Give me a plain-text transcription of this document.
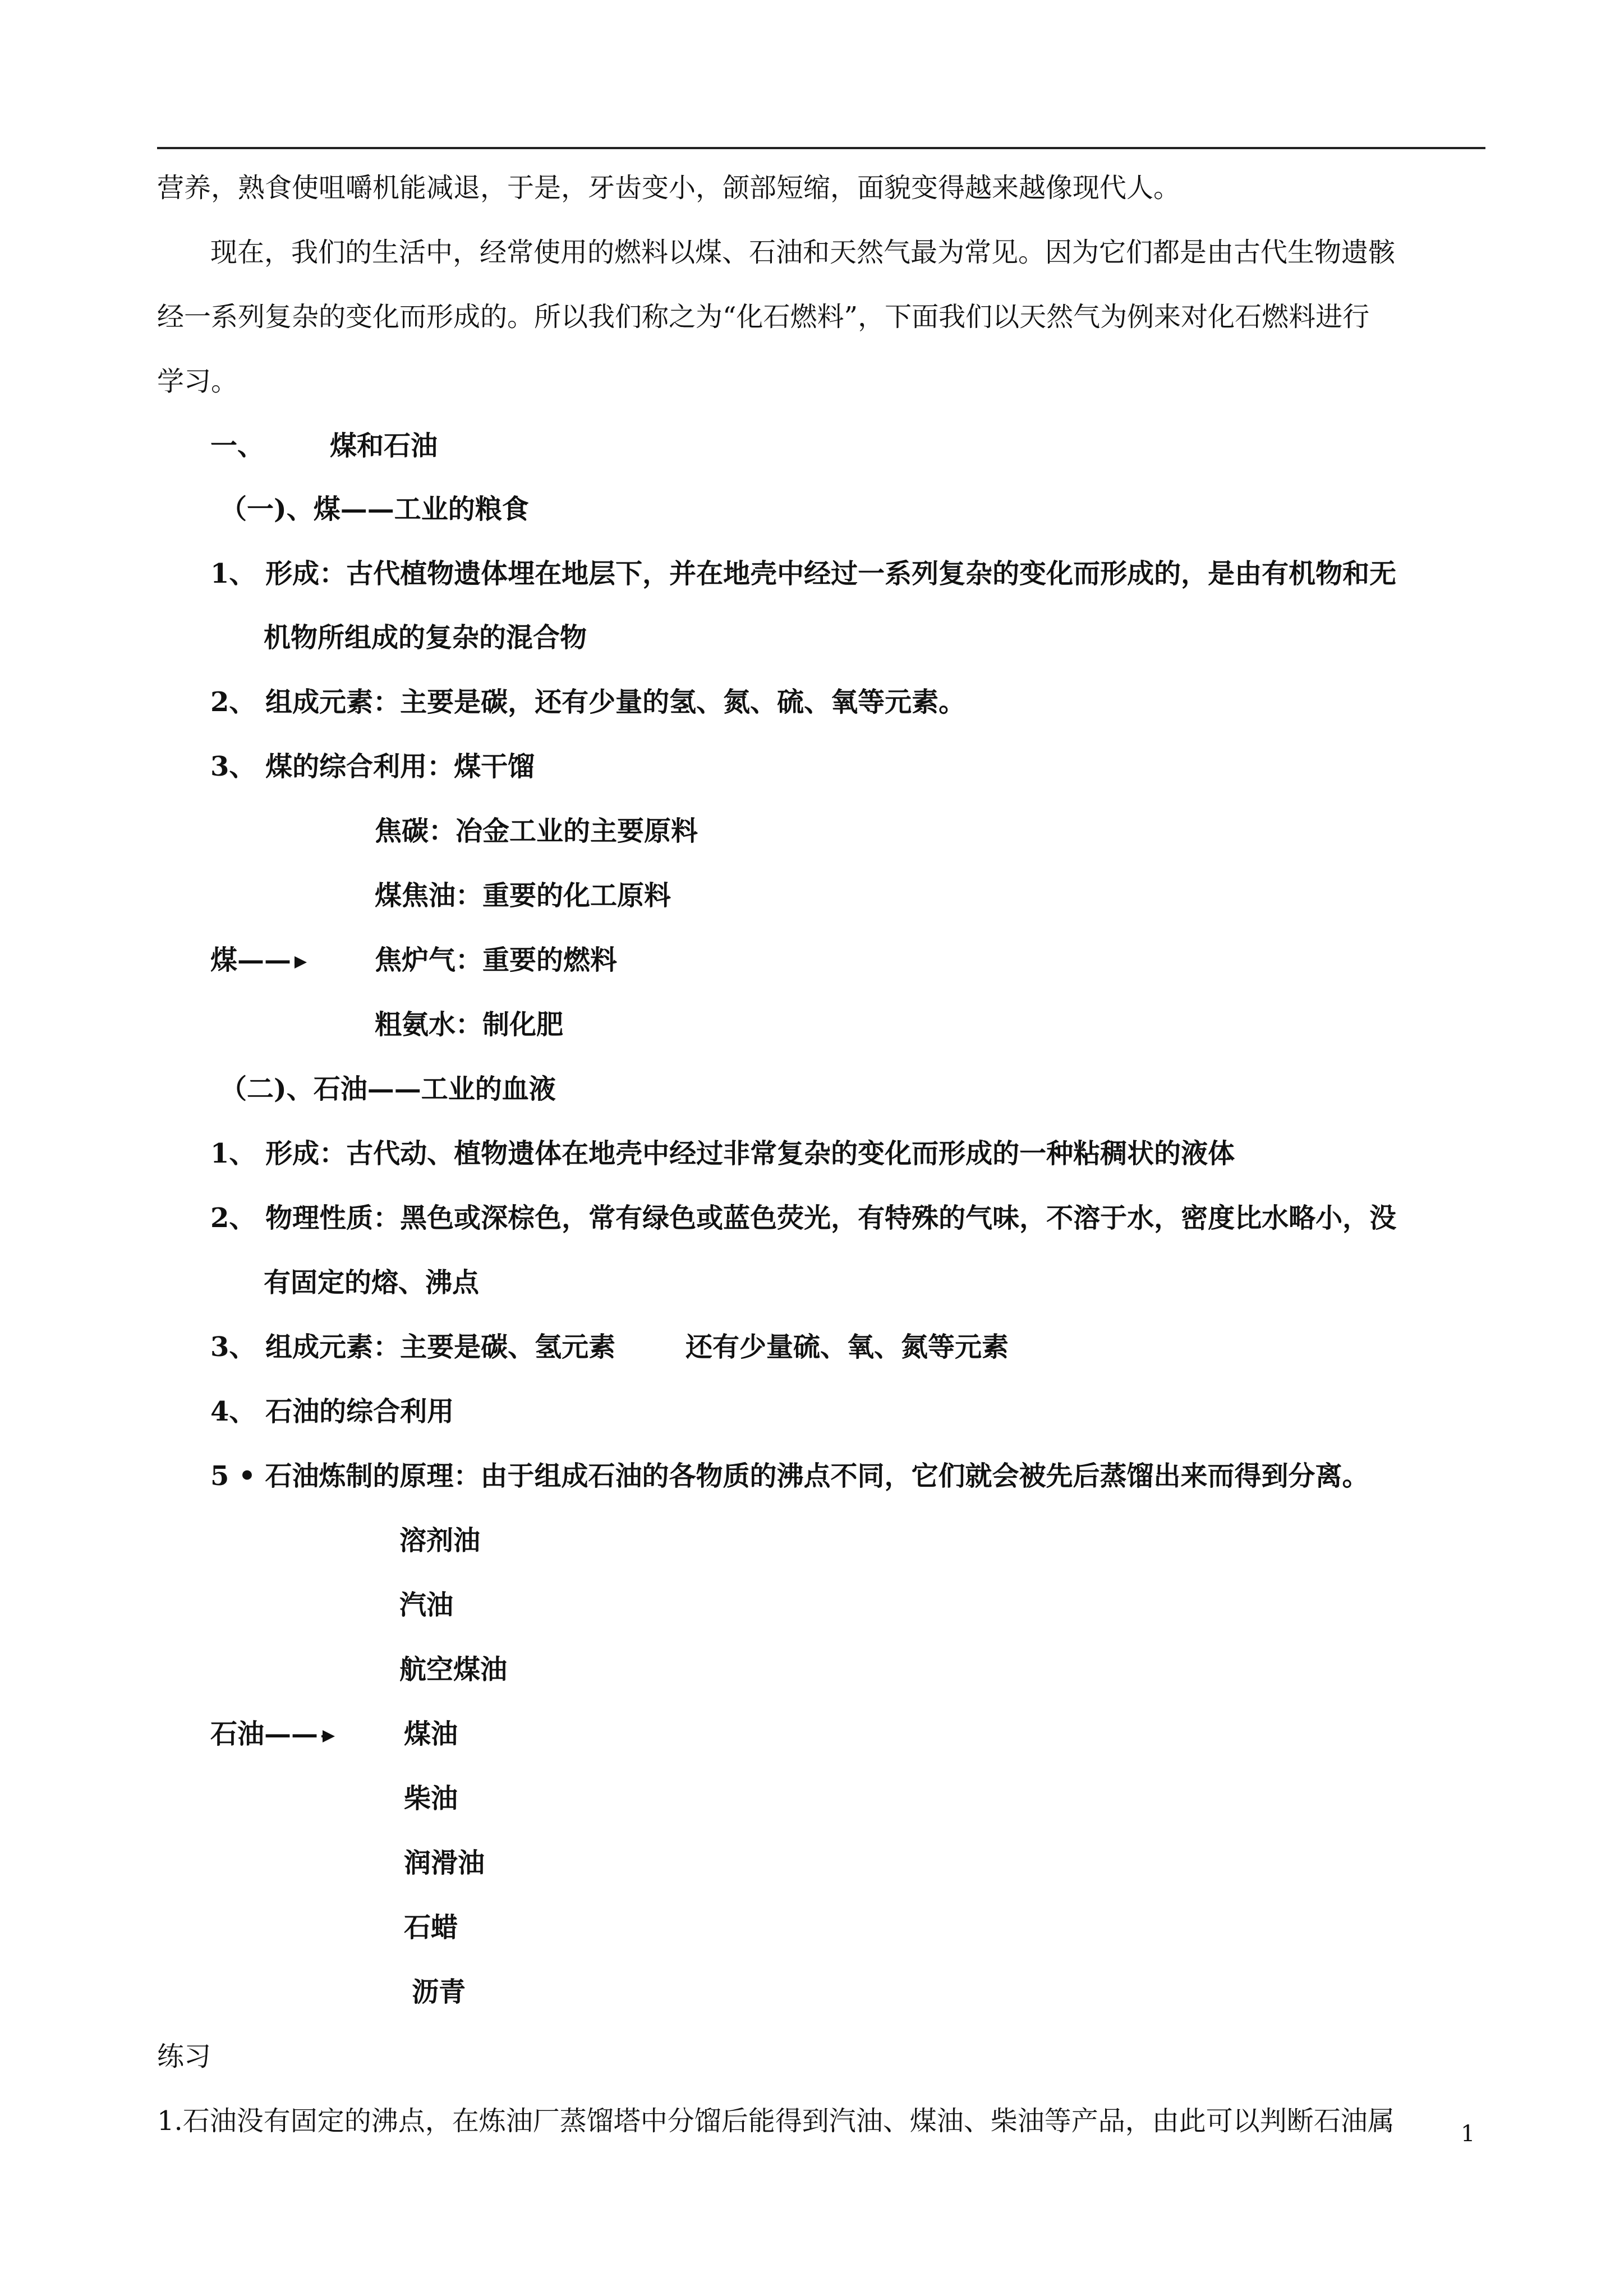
营养，熟食使咀嚼机能减退，于是，牙齿变小，颌部短缩，面貌变得越来越像现代人。
现在，我们的生活中，经常使用的燃料以煤、石油和天然气最为常见。因为它们都是由古代生物遗骸
经一系列复杂的变化而形成的。所以我们称之为“化石燃料”，下面我们以天然气为例来对化石燃料进行
学习。
一、 煤和石油
（一)、煤——工业的粮食
1、 形成：古代植物遗体埋在地层下，并在地壳中经过一系列复杂的变化而形成的，是由有机物和无
机物所组成的复杂的混合物
2、 组成元素：主要是碳，还有少量的氢、氮、硫、氧等元素。
3、 煤的综合利用：煤干馏
焦碳：冶金工业的主要原料
煤焦油：重要的化工原料
煤——	焦炉气：重要的燃料
粗氨水：制化肥
（二)、石油——工业的血液
1、 形成：古代动、植物遗体在地壳中经过非常复杂的变化而形成的一种粘稠状的液体
2、 物理性质：黑色或深棕色，常有绿色或蓝色荧光，有特殊的气味，不溶于水，密度比水略小，没
有固定的熔、沸点
3、 组成元素：主要是碳、氢元素	还有少量硫、氧、氮等元素
4、 石油的综合利用
5 • 石油炼制的原理：由于组成石油的各物质的沸点不同，它们就会被先后蒸馏出来而得到分离。
溶剂油
汽油
航空煤油
石油——	煤油
柴油
润滑油
石蜡
沥青
练习
1.石油没有固定的沸点，在炼油厂蒸馏塔中分馏后能得到汽油、煤油、柴油等产品，由此可以判断石油属	1
